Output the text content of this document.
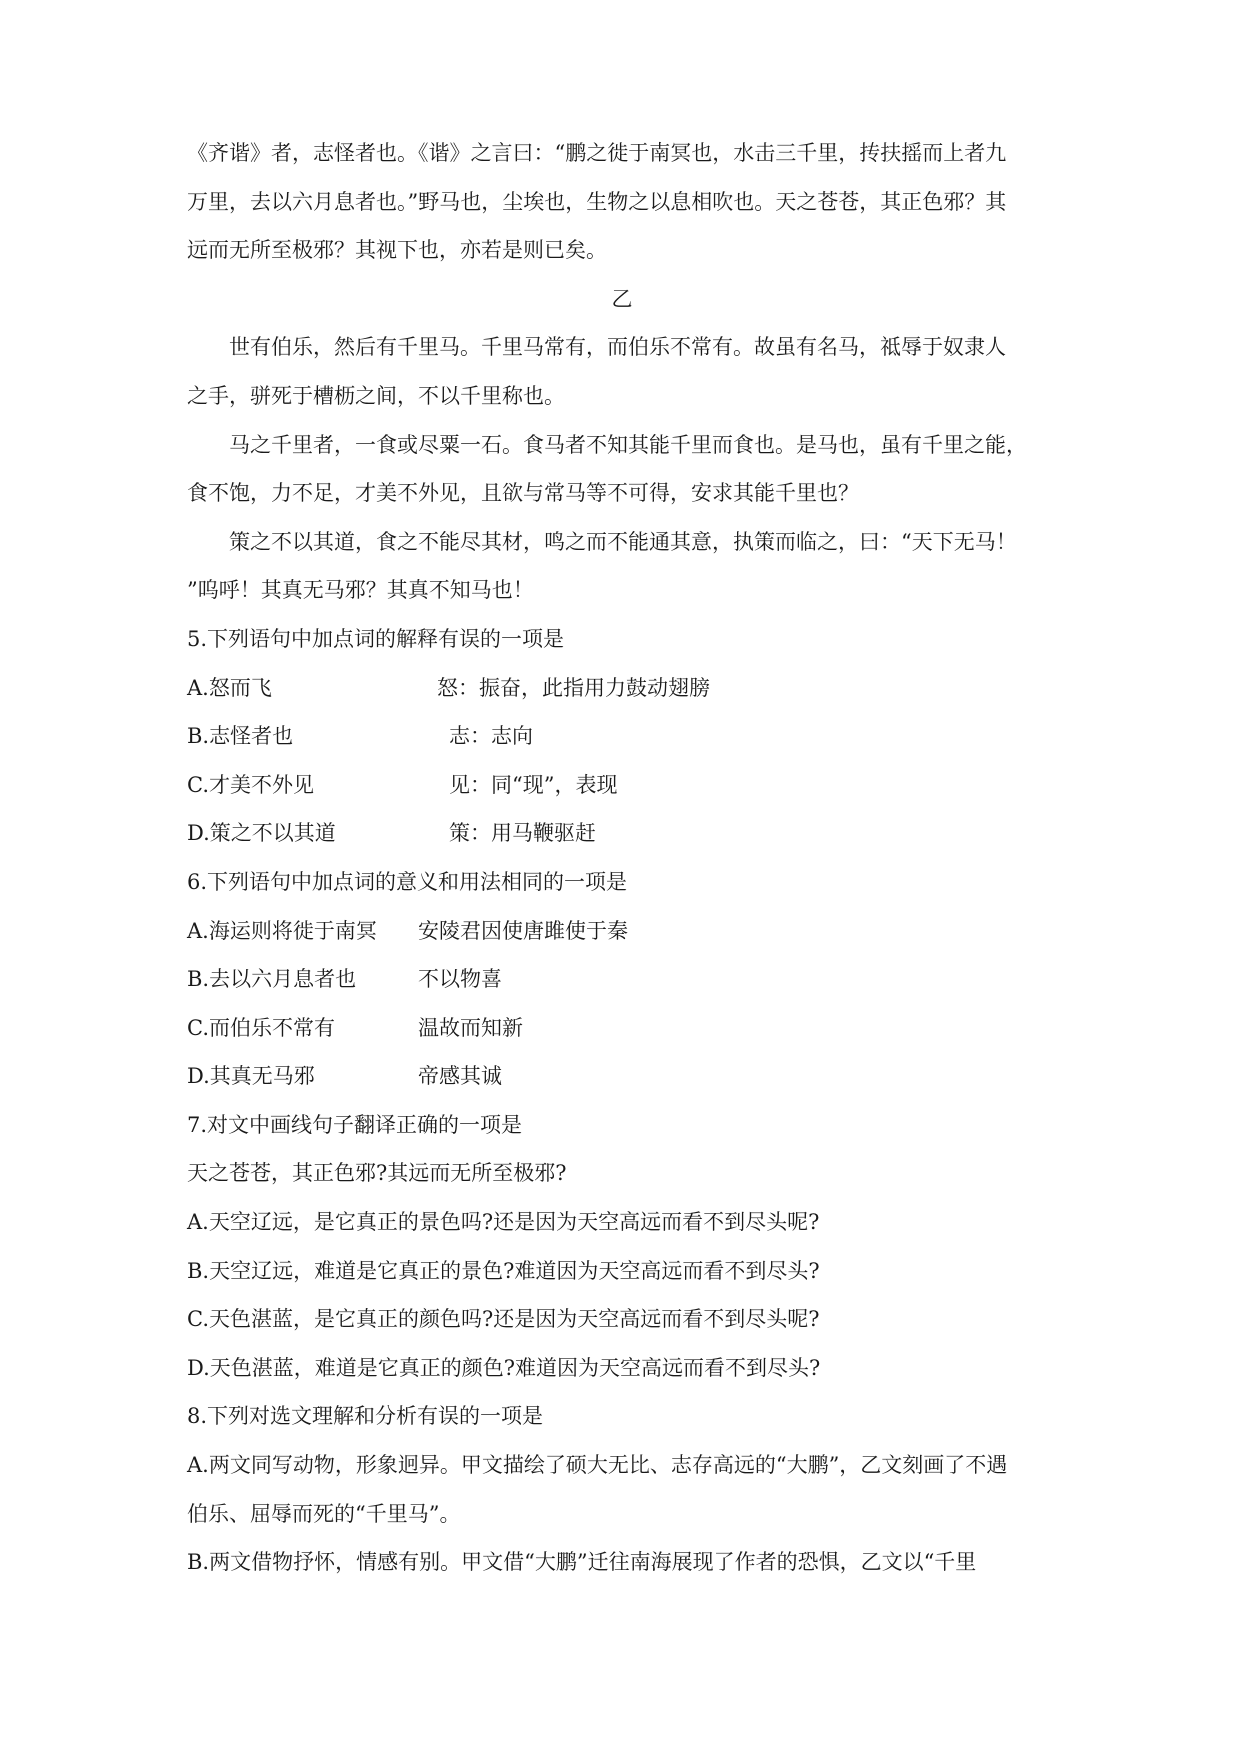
《齐谐》者，志怪者也。《谐》之言曰：“鹏之徙于南冥也，水击三千里，抟扶摇而上者九
万里，去以六月息者也。”野马也，尘埃也，生物之以息相吹也。天之苍苍，其正色邪？其
远而无所至极邪？其视下也，亦若是则已矣。
乙
世有伯乐，然后有千里马。千里马常有，而伯乐不常有。故虽有名马，祗辱于奴隶人
之手，骈死于槽枥之间，不以千里称也。
马之千里者，一食或尽粟一石。食马者不知其能千里而食也。是马也，虽有千里之能，
食不饱，力不足，才美不外见，且欲与常马等不可得，安求其能千里也？
策之不以其道，食之不能尽其材，鸣之而不能通其意，执策而临之，曰：“天下无马！
”呜呼！其真无马邪？其真不知马也！
5.下列语句中加点词的解释有误的一项是
A.怒而飞	怒：振奋，此指用力鼓动翅膀
B.志怪者也	志：志向
C.才美不外见	见：同“现”，表现
D.策之不以其道	策：用马鞭驱赶
6.下列语句中加点词的意义和用法相同的一项是
A.海运则将徙于南冥	安陵君因使唐雎使于秦
B.去以六月息者也	不以物喜
C.而伯乐不常有	温故而知新
D.其真无马邪	帝感其诚
7.对文中画线句子翻译正确的一项是
天之苍苍，其正色邪?其远而无所至极邪?
A.天空辽远，是它真正的景色吗?还是因为天空高远而看不到尽头呢?
B.天空辽远，难道是它真正的景色?难道因为天空高远而看不到尽头?
C.天色湛蓝，是它真正的颜色吗?还是因为天空高远而看不到尽头呢?
D.天色湛蓝，难道是它真正的颜色?难道因为天空高远而看不到尽头?
8.下列对选文理解和分析有误的一项是
A.两文同写动物，形象迥异。甲文描绘了硕大无比、志存高远的“大鹏”，乙文刻画了不遇
伯乐、屈辱而死的“千里马”。
B.两文借物抒怀，情感有别。甲文借“大鹏”迁往南海展现了作者的恐惧，乙文以“千里
